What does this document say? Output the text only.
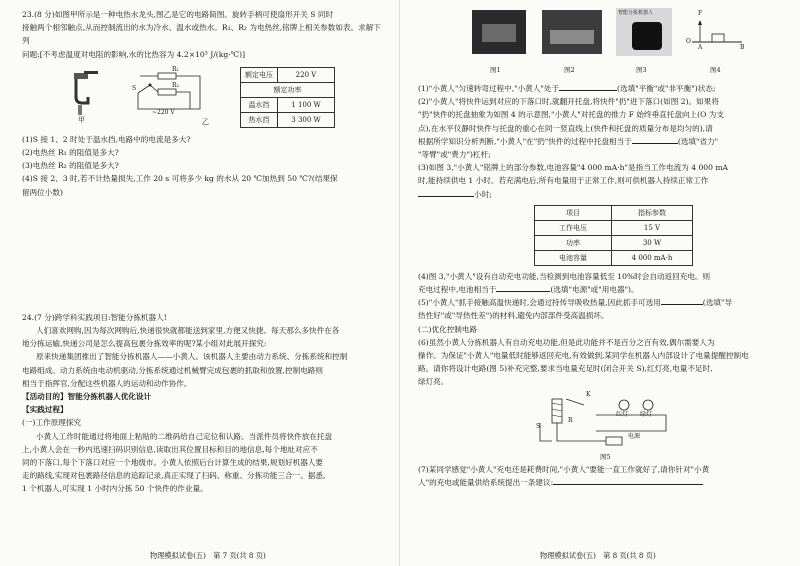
23.(8 分)如图甲所示是一种电热水龙头,图乙是它的电路简图。旋转手柄可使扇形开关 S 同时

接触两个相邻触点,从而控制流出的水为冷水、温水或热水。R₁、R₂ 为电热丝,铭牌上相关参数如表。求解下列

问题:[不考虑温度对电阻的影响,水的比热容为 4.2×10³ J/(kg·℃)]

甲
R₁
R₂
S
~220 V
乙
额定电压	220 V
额定功率	
温水挡	1 100 W
热水挡	3 300 W

(1)S 接 1、2 时处于温水挡,电路中的电流是多大?

(2)电热丝 R₁ 的阻值是多大?

(3)电热丝 R₂ 的阻值是多大?

(4)S 接 2、3 时,若不计热量损失,工作 20 s 可将多少 kg 的水从 20 ℃加热到 50 ℃?(结果保

留两位小数)

24.(7 分)跨学科实践项目:智能分拣机器人!

人们喜欢网购,因为每次网购后,快递很快就都能送到家里,方便又快捷。每天那么多快件在各

地分拣运输,快递公司是怎么提高包裹分拣效率的呢?某小组对此展开探究:

原来快递集团推出了智能分拣机器人——小黄人。该机器人主要由动力系统、分拣系统和控制

电路组成。动力系统由电动机驱动,分拣系统通过机械臂完成包裹的抓取和放置,控制电路则

相当于指挥官,分配这些机器人的运动和动作协作。

【活动目的】智能分拣机器人优化设计

【实践过程】

(一)工作原理探究

小黄人工作时能通过将地面上粘贴的二维码给自己定位和认路。当派件员将快件放在托盘

上,小黄人会在一秒内迅速扫码识别信息,读取出其位置目标和目的地信息,每个地址对应不

同的下落口,每个下落口对应一个地级市。小黄人依照后台计算生成的结果,规划好机器人要

走的路线,实现对包裹路径信息的追踪记录,真正实现了扫码、称重、分拣功能三合一。据悉,

1 个机器人,可实现 1 小时内分拣 50 个快件的作业量。

物理模拟试卷(五)　第 7 页(共 8 页)
图1	图2
智能分拣机器人
图3
F
O
A	B
图4

(1)"小黄人"匀速转弯过程中,"小黄人"处于	(选填"平衡"或"非平衡")状态;

(2)"小黄人"将快件运到对应的下落口时,就翻开托盘,将快件"扔"进下落口(如图 2)。如果将

"扔"快件的托盘抽象为如图 4 的示意图,"小黄人"对托盘的推力 F 始终垂直托盘向上(O 为支

点),在水平仪静时快件与托盘的重心在同一竖直线上(快件和托盘的质量分布是均匀的),请

根据所学知识分析判断,"小黄人"在"扔"快件的过程中托盘相当于	(选填"省力"

"等臂"或"费力")杠杆;

(3)如图 3,"小黄人"铭牌上的部分参数,电池容量"4 000 mA·h"是指当工作电流为 4 000 mA

时,能持续供电 1 小时。若充满电后,所有电量用于正常工作,则可供机器人持续正常工作

小时;

项目	指标参数
工作电压	15 V
功率	30 W
电池容量	4 000 mA·h

(4)图 3,"小黄人"设有自动充电功能,当检测到电池容量低至 10%时会自动返回充电。则

充电过程中,电池相当于	(选填"电源"或"用电器")。

(5)"小黄人"抓手接触高温快递时,会通过持传导吸收热量,因此抓手可选用	(选填"导

热性好"或"导热性差")的材料,避免内部部件受高温损坏。

(二)优化控制电路

(6)虽然小黄人分拣机器人有自动充电功能,但是此功能并不是百分之百有效,偶尔需要人为

操作。为保证"小黄人"电量低时能够返回充电,有效做到,某同学在机器人内部设计了电量提醒控制电

路。请你将设计电路(图 5)补充完整,要求当电量充足时(闭合开关 S),红灯亮,电量不足时,

绿灯亮。

S
R
K
红灯 绿灯
电源
图5

(7)某同学感觉"小黄人"充电还是耗费时间,"小黄人"要能一直工作就好了,请你针对"小黄

人"的充电或能量供给系统提出一条建议:

物理模拟试卷(五)　第 8 页(共 8 页)
